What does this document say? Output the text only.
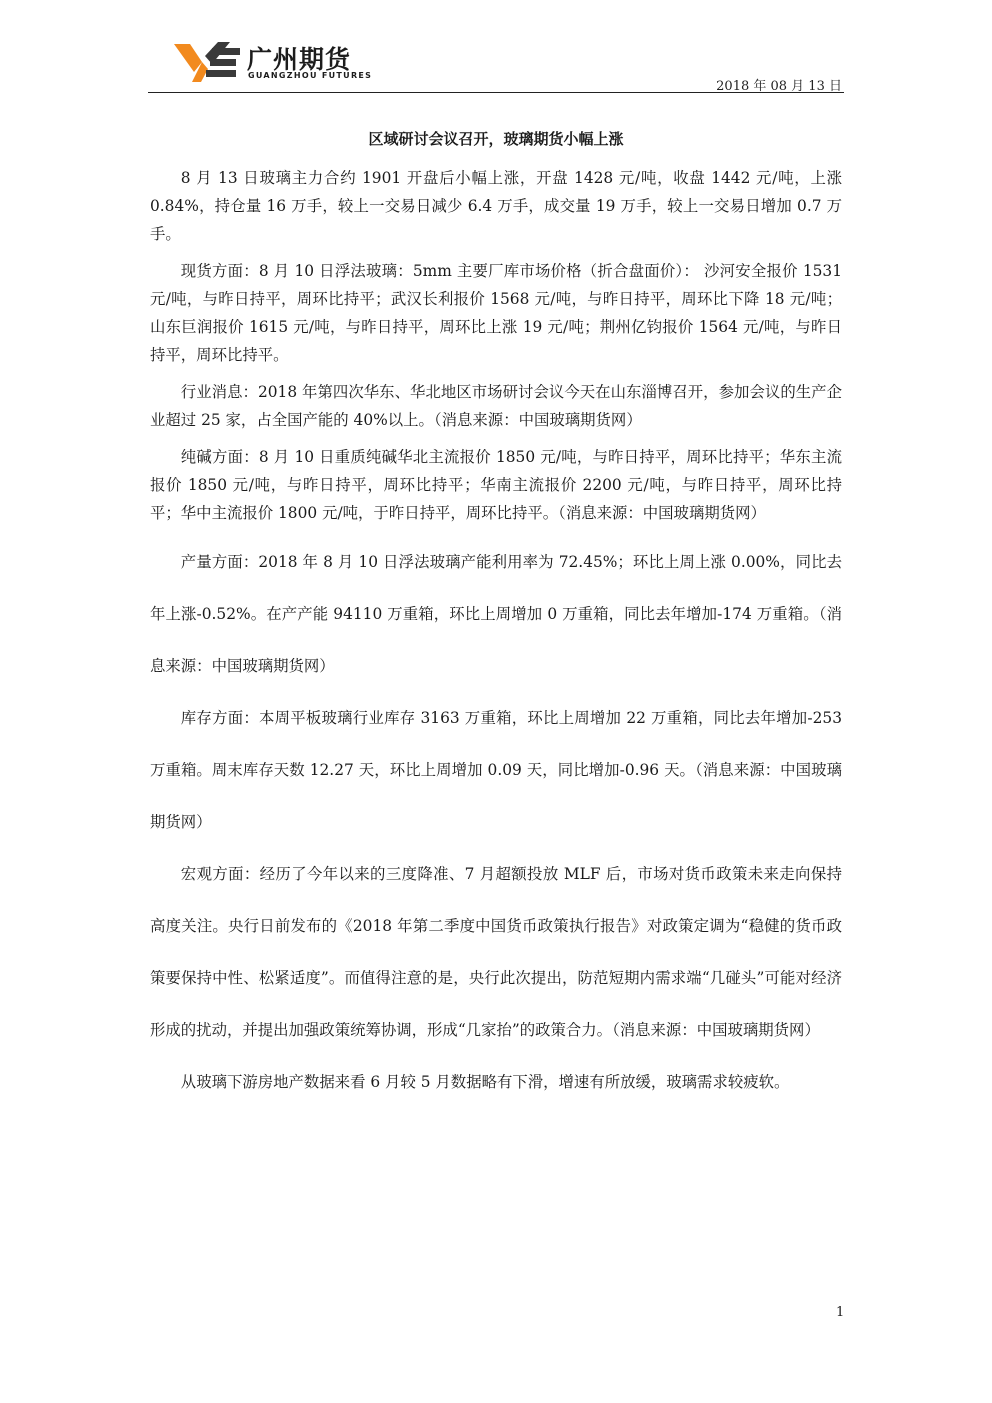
广州期货
GUANGZHOU FUTURES
2018 年 08 月 13 日
区域研讨会议召开，玻璃期货小幅上涨

8 月 13 日玻璃主力合约 1901 开盘后小幅上涨，开盘 1428 元/吨，收盘 1442 元/吨，上涨 0.84%，持仓量 16 万手，较上一交易日减少 6.4 万手，成交量 19 万手，较上一交易日增加 0.7 万手。

现货方面：8 月 10 日浮法玻璃：5mm 主要厂库市场价格（折合盘面价）： 沙河安全报价 1531 元/吨，与昨日持平，周环比持平；武汉长利报价 1568 元/吨，与昨日持平，周环比下降 18 元/吨；山东巨润报价 1615 元/吨，与昨日持平，周环比上涨 19 元/吨；荆州亿钧报价 1564 元/吨，与昨日持平，周环比持平。

行业消息：2018 年第四次华东、华北地区市场研讨会议今天在山东淄博召开，参加会议的生产企业超过 25 家，占全国产能的 40%以上。（消息来源：中国玻璃期货网）

纯碱方面：8 月 10 日重质纯碱华北主流报价 1850 元/吨，与昨日持平，周环比持平；华东主流报价 1850 元/吨，与昨日持平，周环比持平；华南主流报价 2200 元/吨，与昨日持平，周环比持平；华中主流报价 1800 元/吨，于昨日持平，周环比持平。（消息来源：中国玻璃期货网）

产量方面：2018 年 8 月 10 日浮法玻璃产能利用率为 72.45%；环比上周上涨 0.00%，同比去年上涨-0.52%。在产产能 94110 万重箱，环比上周增加 0 万重箱，同比去年增加-174 万重箱。（消息来源：中国玻璃期货网）

库存方面：本周平板玻璃行业库存 3163 万重箱，环比上周增加 22 万重箱，同比去年增加-253 万重箱。周末库存天数 12.27 天，环比上周增加 0.09 天，同比增加-0.96 天。（消息来源：中国玻璃期货网）

宏观方面：经历了今年以来的三度降准、7 月超额投放 MLF 后，市场对货币政策未来走向保持高度关注。央行日前发布的《2018 年第二季度中国货币政策执行报告》对政策定调为“稳健的货币政策要保持中性、松紧适度”。而值得注意的是，央行此次提出，防范短期内需求端“几碰头”可能对经济形成的扰动，并提出加强政策统筹协调，形成“几家抬”的政策合力。（消息来源：中国玻璃期货网）

从玻璃下游房地产数据来看 6 月较 5 月数据略有下滑，增速有所放缓，玻璃需求较疲软。

1
